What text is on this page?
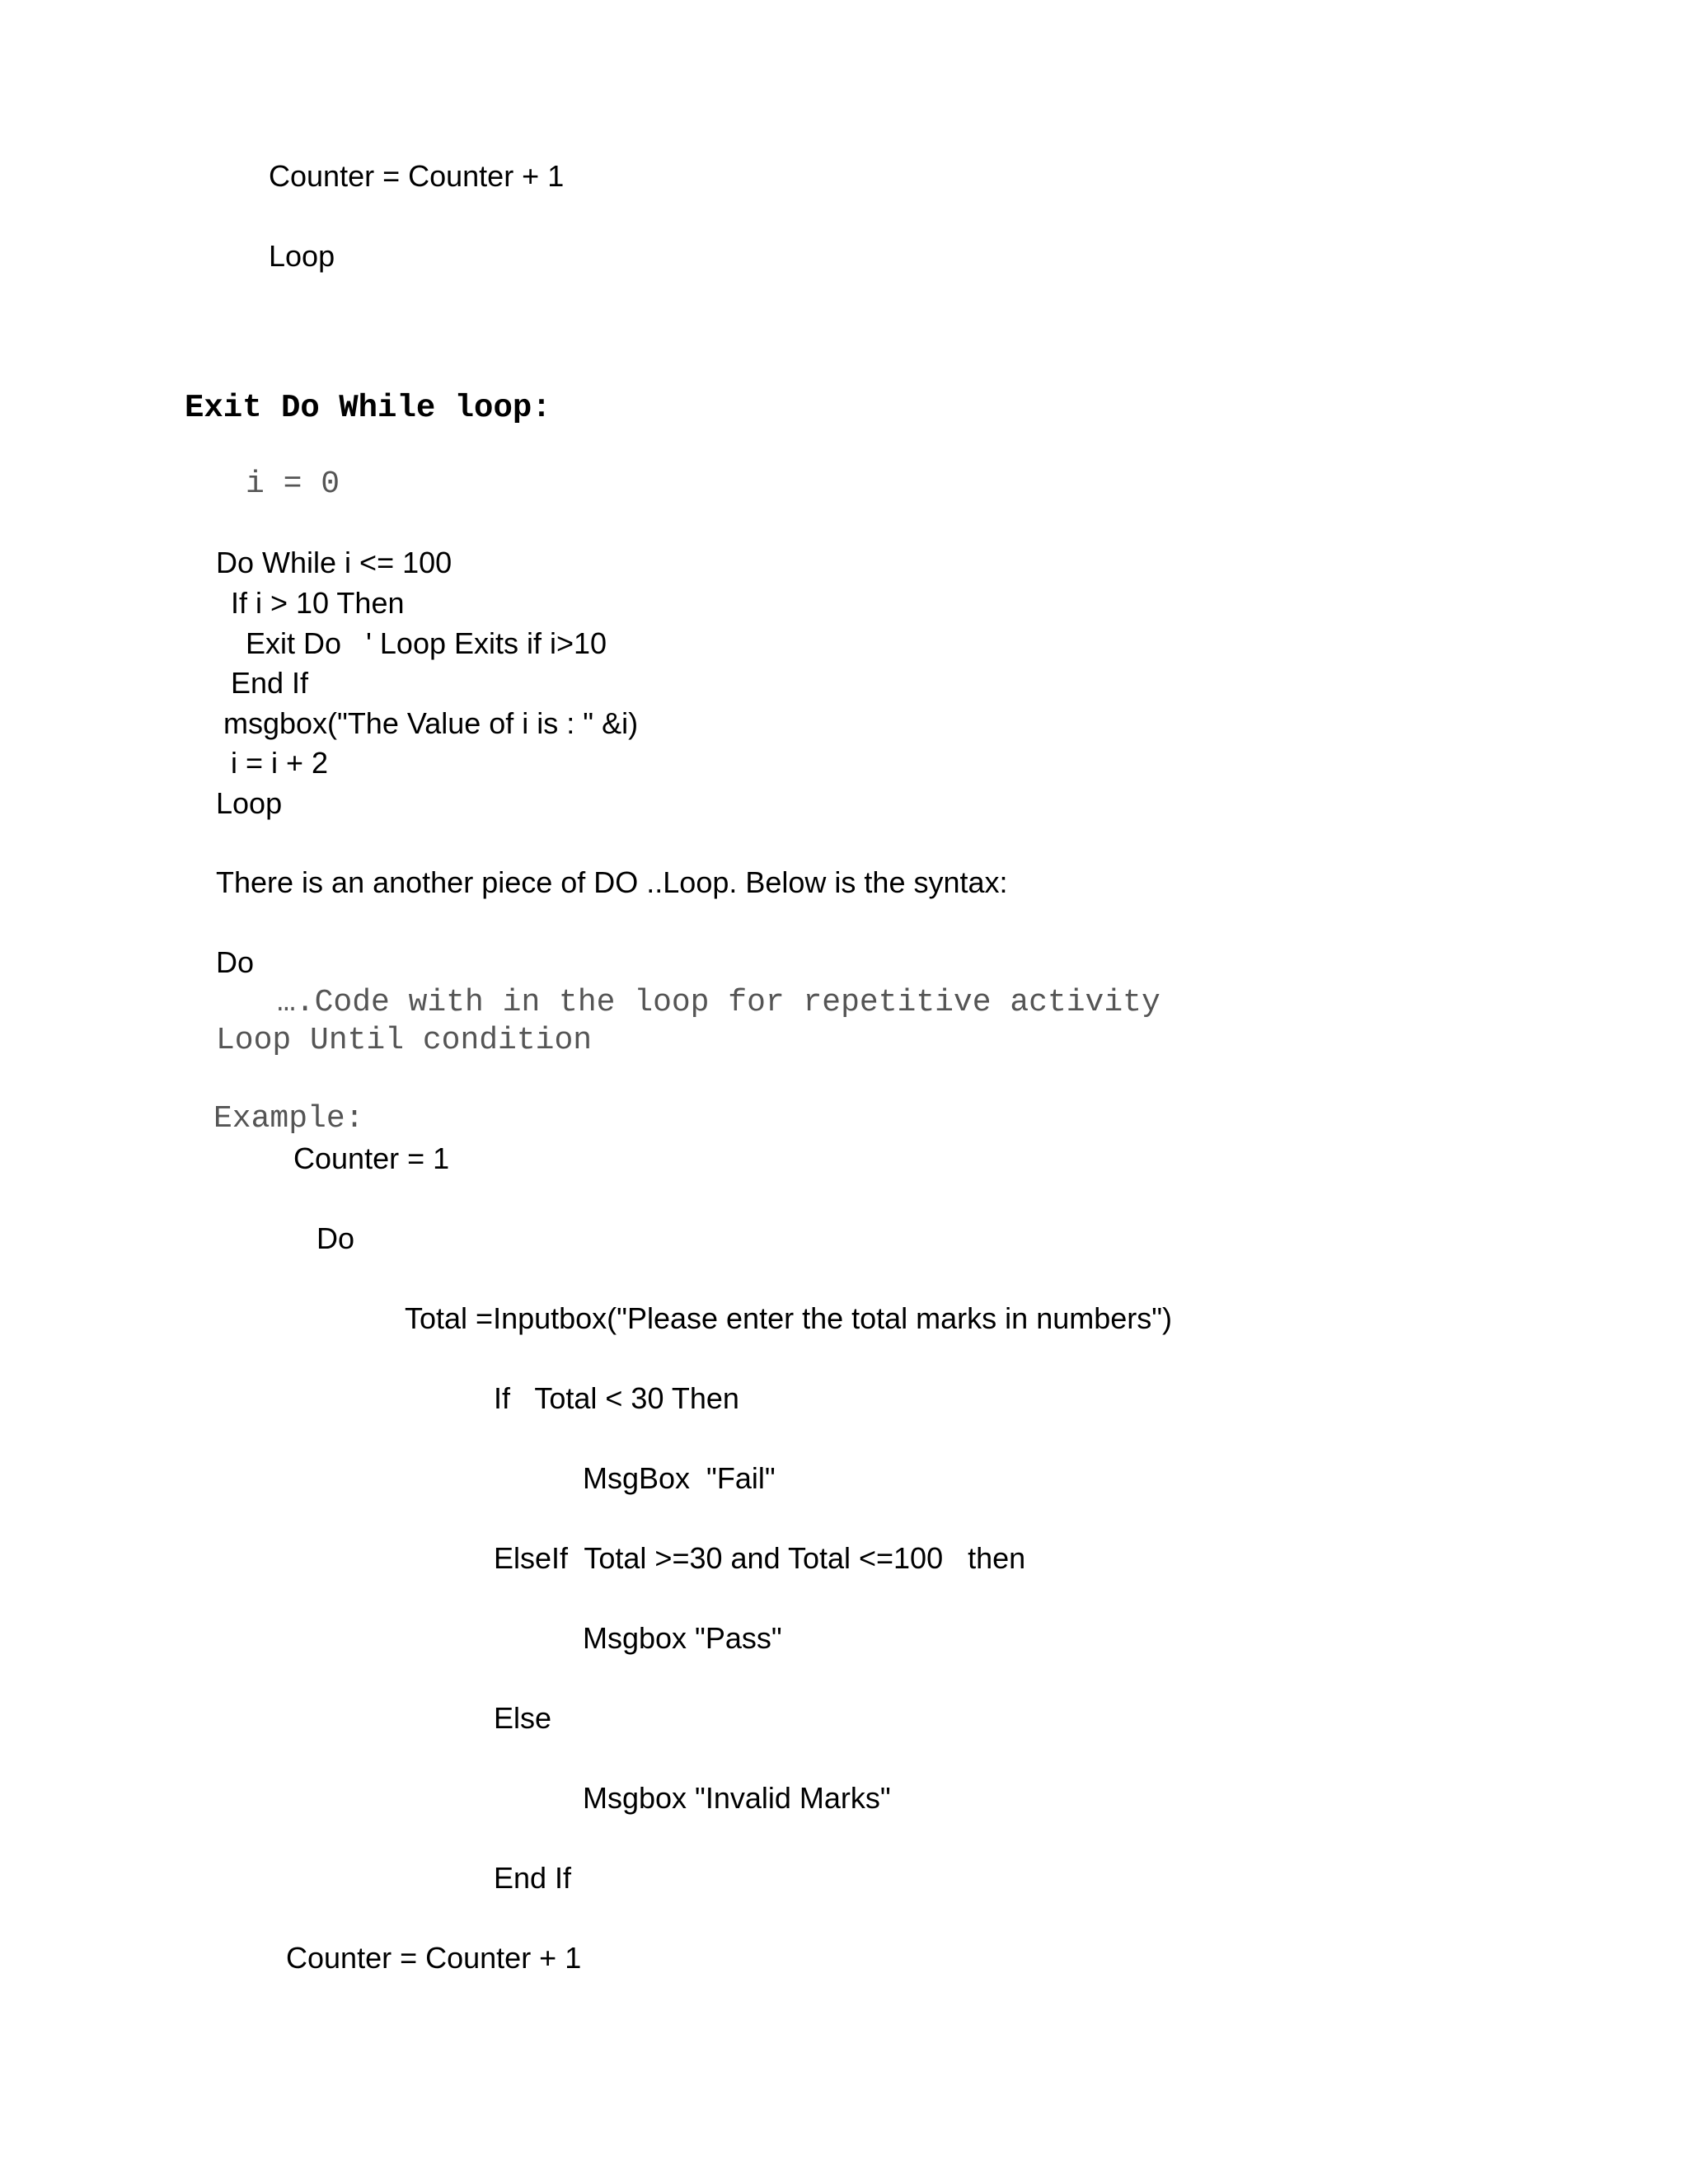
Counter = Counter + 1
Loop
Exit Do While loop:
i = 0
Do While i <= 100
If i > 10 Then
Exit Do   ' Loop Exits if i>10
End If
msgbox("The Value of i is : " &i)
i = i + 2
Loop
There is an another piece of DO ..Loop. Below is the syntax:
Do
….Code with in the loop for repetitive activity
Loop Until condition
Example:
Counter = 1
Do
Total =Inputbox("Please enter the total marks in numbers")
If   Total < 30 Then
MsgBox  "Fail"
ElseIf  Total >=30 and Total <=100   then
Msgbox "Pass"
Else
Msgbox "Invalid Marks"
End If
Counter = Counter + 1
